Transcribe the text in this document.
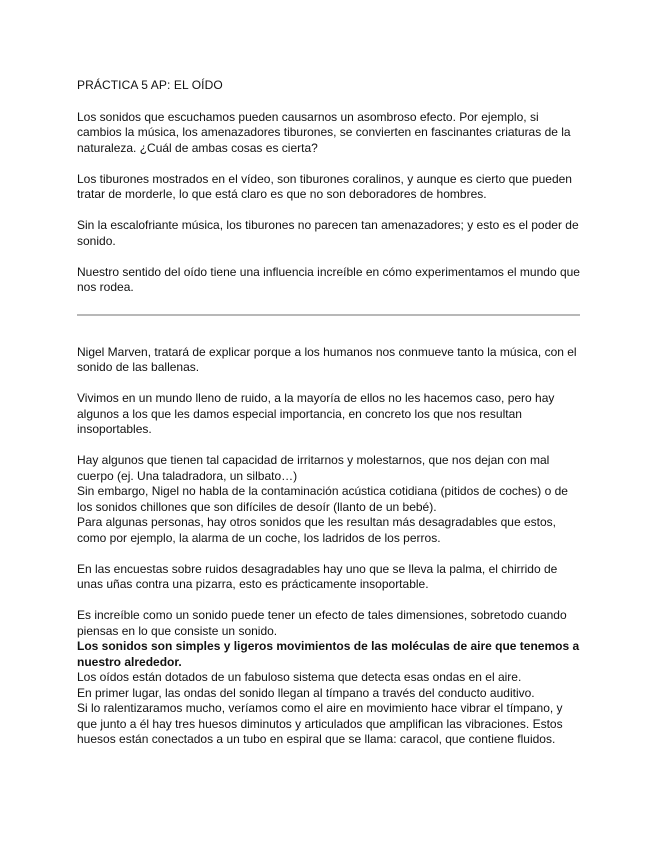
PRÁCTICA 5 AP: EL OÍDO

Los sonidos que escuchamos pueden causarnos un asombroso efecto. Por ejemplo, si cambios la música, los amenazadores tiburones, se convierten en fascinantes criaturas de la naturaleza. ¿Cuál de ambas cosas es cierta?

Los tiburones mostrados en el vídeo, son tiburones coralinos, y aunque es cierto que pueden tratar de morderle, lo que está claro es que no son deboradores de hombres.

Sin la escalofriante música, los tiburones no parecen tan amenazadores; y esto es el poder de sonido.

Nuestro sentido del oído tiene una influencia increíble en cómo experimentamos el mundo que nos rodea.

Nigel Marven, tratará de explicar porque a los humanos nos conmueve tanto la música, con el sonido de las ballenas.

Vivimos en un mundo lleno de ruido, a la mayoría de ellos no les hacemos caso, pero hay algunos a los que les damos especial importancia, en concreto los que nos resultan insoportables.

Hay algunos que tienen tal capacidad de irritarnos y molestarnos, que nos dejan con mal cuerpo (ej. Una taladradora, un silbato…)

Sin embargo, Nigel no habla de la contaminación acústica cotidiana (pitidos de coches) o de los sonidos chillones que son difíciles de desoír (llanto de un bebé).

Para algunas personas, hay otros sonidos que les resultan más desagradables que estos, como por ejemplo, la alarma de un coche, los ladridos de los perros.

En las encuestas sobre ruidos desagradables hay uno que se lleva la palma, el chirrido de unas uñas contra una pizarra, esto es prácticamente insoportable.

Es increíble como un sonido puede tener un efecto de tales dimensiones, sobretodo cuando piensas en lo que consiste un sonido.

Los sonidos son simples y ligeros movimientos de las moléculas de aire que tenemos a nuestro alrededor.

Los oídos están dotados de un fabuloso sistema que detecta esas ondas en el aire.

En primer lugar, las ondas del sonido llegan al tímpano a través del conducto auditivo.

Si lo ralentizaramos mucho, veríamos como el aire en movimiento hace vibrar el tímpano, y que junto a él hay tres huesos diminutos y articulados que amplifican las vibraciones. Estos huesos están conectados a un tubo en espiral que se llama: caracol, que contiene fluidos.
